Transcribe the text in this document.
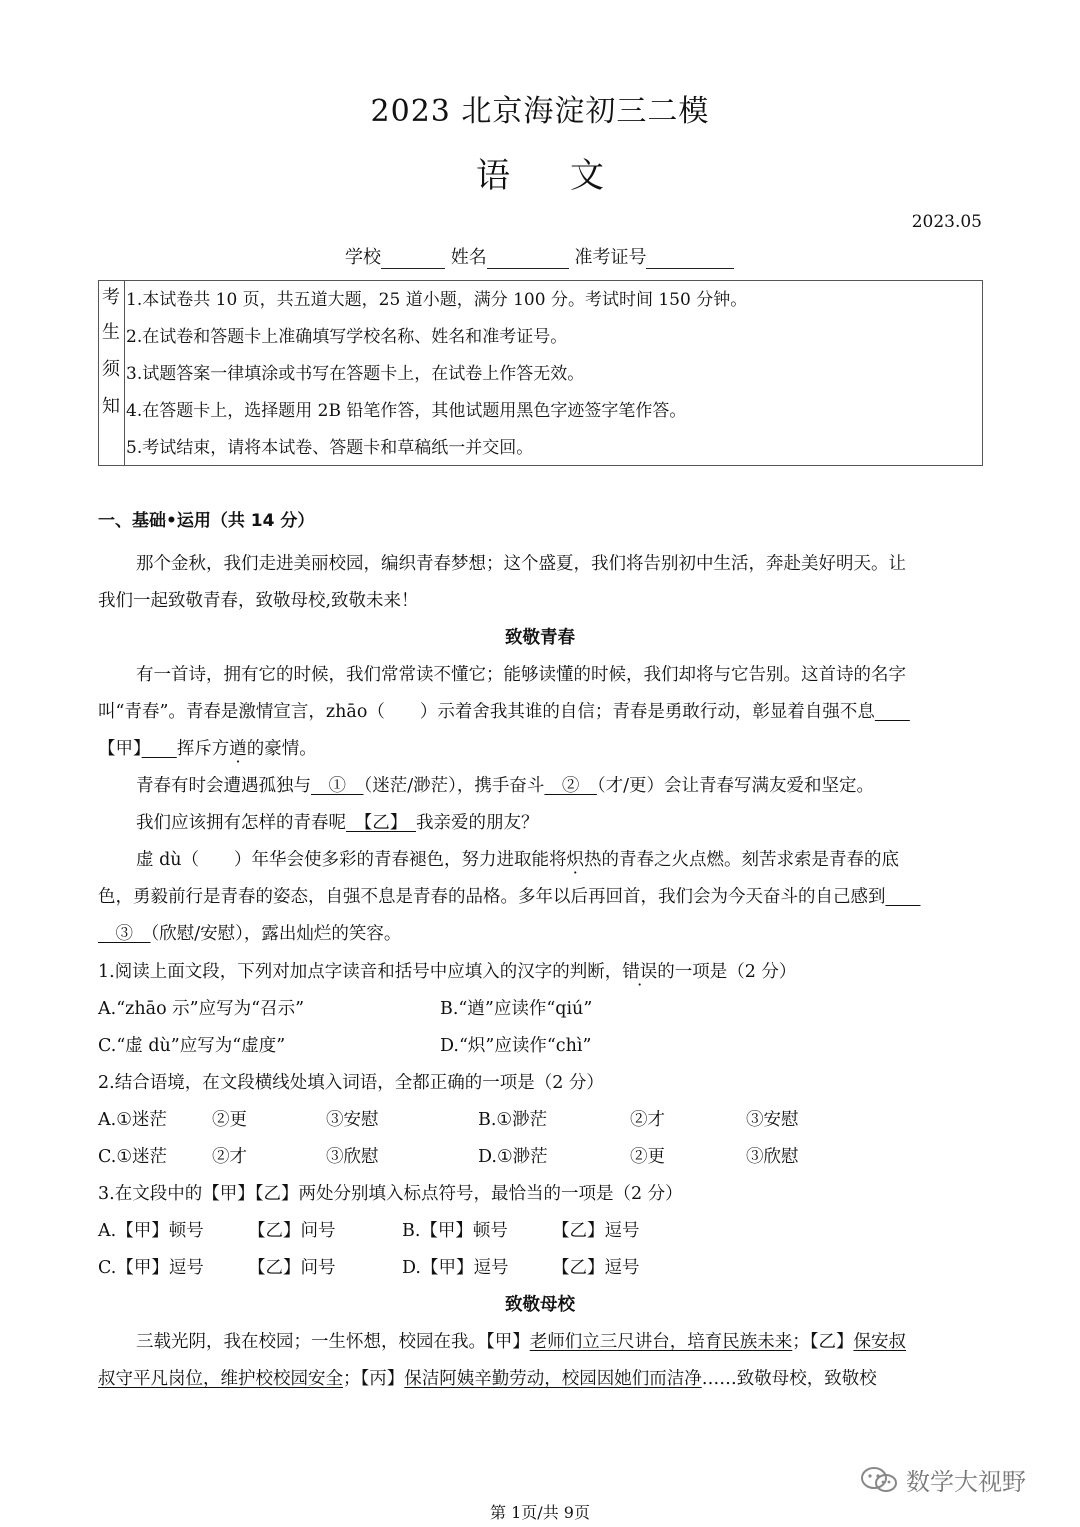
2023 北京海淀初三二模
语文
2023.05
学校	姓名	准考证号
考
生
须
知
1.本试卷共 10 页，共五道大题，25 道小题，满分 100 分。考试时间 150 分钟。
2.在试卷和答题卡上准确填写学校名称、姓名和准考证号。
3.试题答案一律填涂或书写在答题卡上，在试卷上作答无效。
4.在答题卡上，选择题用 2B 铅笔作答，其他试题用黑色字迹签字笔作答。
5.考试结束，请将本试卷、答题卡和草稿纸一并交回。
一、基础•运用（共 14 分）
那个金秋，我们走进美丽校园，编织青春梦想；这个盛夏，我们将告别初中生活，奔赴美好明天。让
我们一起致敬青春，致敬母校,致敬未来！
致敬青春
有一首诗，拥有它的时候，我们常常读不懂它；能够读懂的时候，我们却将与它告别。这首诗的名字
叫“青春”。青春是激情宣言，zhāo（　　）示着舍我其谁的自信；青春是勇敢行动，彰显着自强不息　　
【甲】　　 挥斥方遒的豪情。
青春有时会遭遇孤独与　①　（迷茫/渺茫），携手奋斗　②　（才/更）会让青春写满友爱和坚定。
我们应该拥有怎样的青春呢　【乙】　我亲爱的朋友？
虚 dù（　　）年华会使多彩的青春褪色，努力进取能将炽热的青春之火点燃。刻苦求索是青春的底
色，勇毅前行是青春的姿态，自强不息是青春的品格。多年以后再回首，我们会为今天奋斗的自己感到　　
　③　（欣慰/安慰），露出灿烂的笑容。
1.阅读上面文段，下列对加点字读音和括号中应填入的汉字的判断，错误的一项是（2 分）
A.“zhāo 示”应写为“召示”	B.“遒”应读作“qiú”
C.“虚 dù”应写为“虚度”	D.“炽”应读作“chì”
2.结合语境，在文段横线处填入词语，全都正确的一项是（2 分）
A.①迷茫	②更	③安慰	B.①渺茫	②才	③安慰
C.①迷茫	②才	③欣慰	D.①渺茫	②更	③欣慰
3.在文段中的【甲】【乙】两处分别填入标点符号，最恰当的一项是（2 分）
A.【甲】顿号	【乙】问号	B.【甲】顿号	【乙】逗号
C.【甲】逗号	【乙】问号	D.【甲】逗号 【乙】逗号
致敬母校
三载光阴，我在校园；一生怀想，校园在我。【甲】老师们立三尺讲台，培育民族未来；【乙】保安叔
叔守平凡岗位，维护校校园安全；【丙】保洁阿姨辛勤劳动，校园因她们而洁净……致敬母校，致敬校
数学大视野
第 1页/共 9页
